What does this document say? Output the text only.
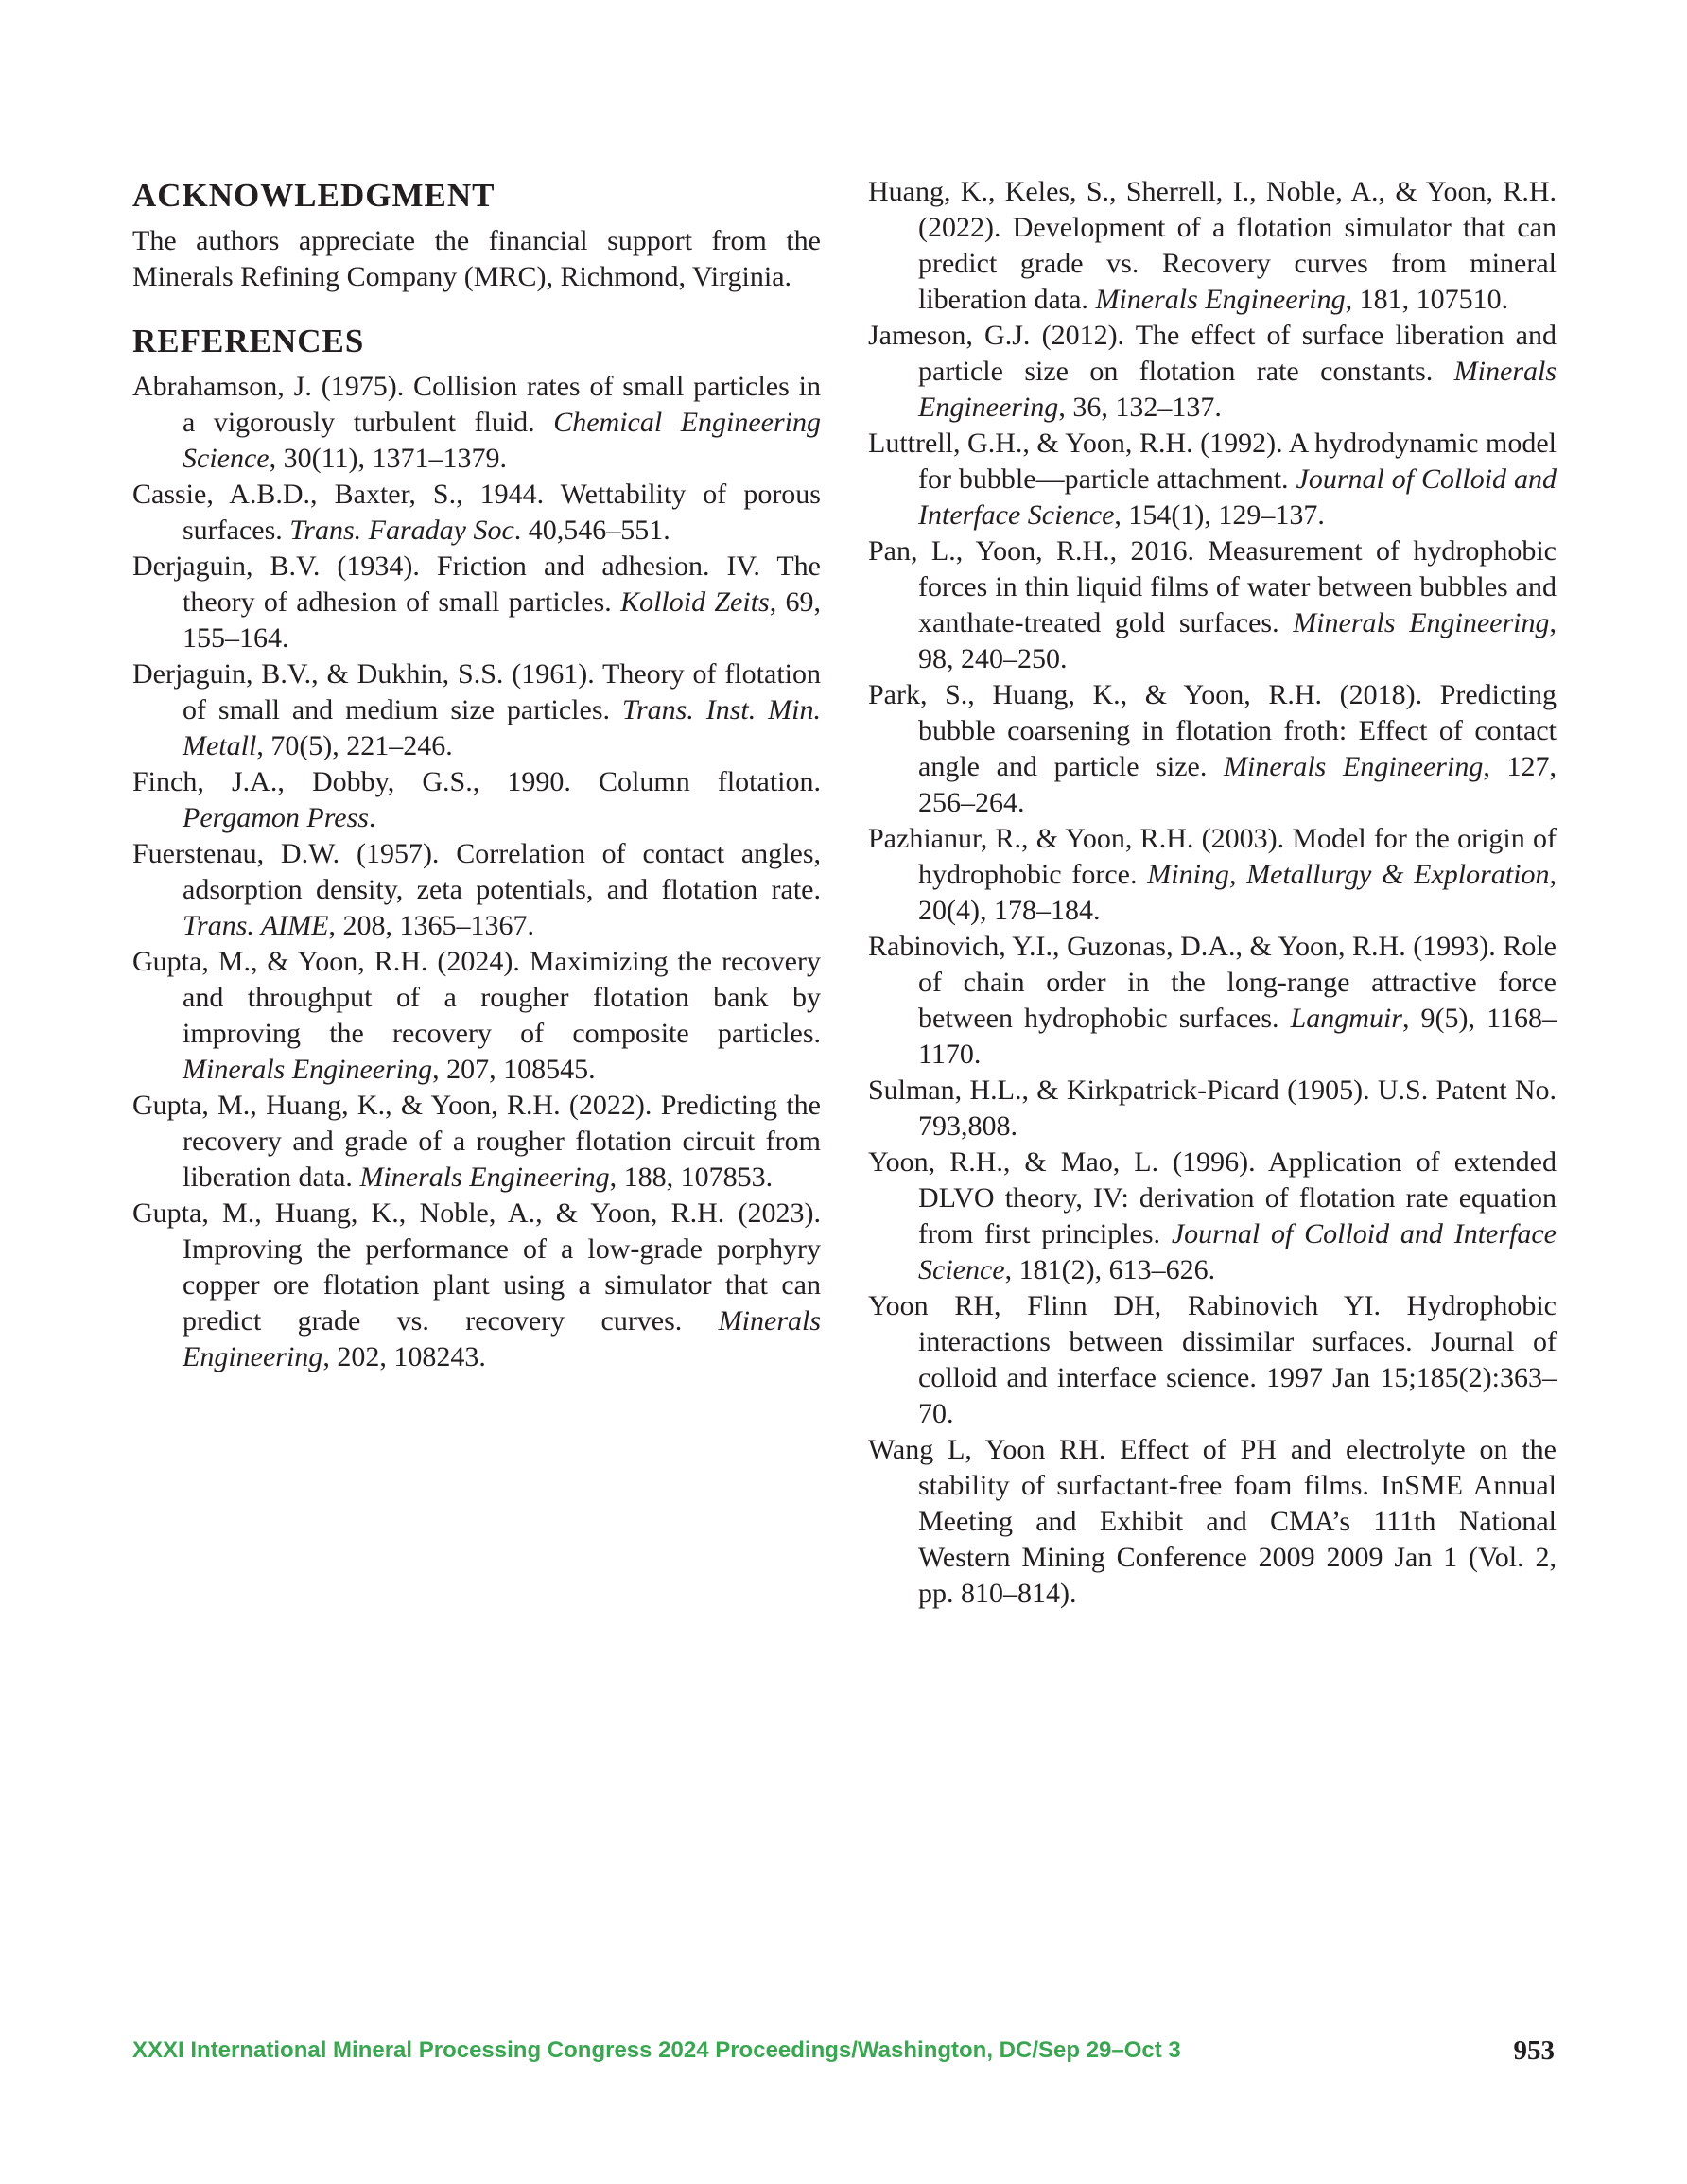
ACKNOWLEDGMENT

The authors appreciate the financial support from the Minerals Refining Company (MRC), Richmond, Virginia.

REFERENCES

Abrahamson, J. (1975). Collision rates of small particles in a vigorously turbulent fluid. Chemical Engineering Science, 30(11), 1371–1379.

Cassie, A.B.D., Baxter, S., 1944. Wettability of porous surfaces. Trans. Faraday Soc. 40,546–551.

Derjaguin, B.V. (1934). Friction and adhesion. IV. The theory of adhesion of small particles. Kolloid Zeits, 69, 155–164.

Derjaguin, B.V., & Dukhin, S.S. (1961). Theory of flotation of small and medium size particles. Trans. Inst. Min. Metall, 70(5), 221–246.

Finch, J.A., Dobby, G.S., 1990. Column flotation. Pergamon Press.

Fuerstenau, D.W. (1957). Correlation of contact angles, adsorption density, zeta potentials, and flotation rate. Trans. AIME, 208, 1365–1367.

Gupta, M., & Yoon, R.H. (2024). Maximizing the recovery and throughput of a rougher flotation bank by improving the recovery of composite particles. Minerals Engineering, 207, 108545.

Gupta, M., Huang, K., & Yoon, R.H. (2022). Predicting the recovery and grade of a rougher flotation circuit from liberation data. Minerals Engineering, 188, 107853.

Gupta, M., Huang, K., Noble, A., & Yoon, R.H. (2023). Improving the performance of a low-grade porphyry copper ore flotation plant using a simulator that can predict grade vs. recovery curves. Minerals Engineering, 202, 108243.

Huang, K., Keles, S., Sherrell, I., Noble, A., & Yoon, R.H. (2022). Development of a flotation simulator that can predict grade vs. Recovery curves from mineral liberation data. Minerals Engineering, 181, 107510.

Jameson, G.J. (2012). The effect of surface liberation and particle size on flotation rate constants. Minerals Engineering, 36, 132–137.

Luttrell, G.H., & Yoon, R.H. (1992). A hydrodynamic model for bubble—particle attachment. Journal of Colloid and Interface Science, 154(1), 129–137.

Pan, L., Yoon, R.H., 2016. Measurement of hydrophobic forces in thin liquid films of water between bubbles and xanthate-treated gold surfaces. Minerals Engineering, 98, 240–250.

Park, S., Huang, K., & Yoon, R.H. (2018). Predicting bubble coarsening in flotation froth: Effect of contact angle and particle size. Minerals Engineering, 127, 256–264.

Pazhianur, R., & Yoon, R.H. (2003). Model for the origin of hydrophobic force. Mining, Metallurgy & Exploration, 20(4), 178–184.

Rabinovich, Y.I., Guzonas, D.A., & Yoon, R.H. (1993). Role of chain order in the long-range attractive force between hydrophobic surfaces. Langmuir, 9(5), 1168–1170.

Sulman, H.L., & Kirkpatrick-Picard (1905). U.S. Patent No. 793,808.

Yoon, R.H., & Mao, L. (1996). Application of extended DLVO theory, IV: derivation of flotation rate equation from first principles. Journal of Colloid and Interface Science, 181(2), 613–626.

Yoon RH, Flinn DH, Rabinovich YI. Hydrophobic interactions between dissimilar surfaces. Journal of colloid and interface science. 1997 Jan 15;185(2):363–70.

Wang L, Yoon RH. Effect of PH and electrolyte on the stability of surfactant-free foam films. InSME Annual Meeting and Exhibit and CMA’s 111th National Western Mining Conference 2009 2009 Jan 1 (Vol. 2, pp. 810–814).

XXXI International Mineral Processing Congress 2024 Proceedings/Washington, DC/Sep 29–Oct 3	953
